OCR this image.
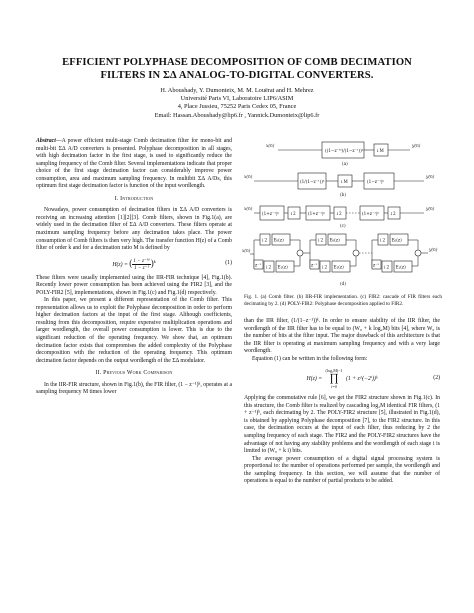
EFFICIENT POLYPHASE DECOMPOSITION OF COMB DECIMATION
FILTERS IN ΣΔ ANALOG-TO-DIGITAL CONVERTERS.
H. Aboushady, Y. Dumonteix, M. M. Louërat and H. Mehrez
Université Paris VI, Laboratoire LIP6/ASIM
4, Place Jussieu, 75252 Paris Cedex 05, France
Email: Hassan.Aboushady@lip6.fr , Yannick.Dumonteix@lip6.fr

Abstract—A power efficient multi-stage Comb decimation filter for mono-bit and multi-bit ΣΔ A/D converters is presented. Polyphase decomposition in all stages, with high decimation factor in the first stage, is used to significantly reduce the sampling frequency of the Comb filter. Several implementations indicate that proper choice of the first stage decimation factor can considerably improve power consumption, area and maximum sampling frequency. In multibit ΣΔ A/Ds, this optimum first stage decimation factor is function of the input wordlength.

I. Introduction

Nowadays, power consumption of decimation filters in ΣΔ A/D converters is receiving an increasing attention [1][2][3]. Comb filters, shown in Fig.1(a), are widely used in the decimation filter of ΣΔ A/D converters. These filters operate at maximum sampling frequency before any decimation takes place. The power consumption of Comb filters is then very high. The transfer function H(z) of a Comb filter of order k and for a decimation ratio M is defined by

H(z) = ( $\frac{\text{1 − z⁻ᴹ}}{\text{1 − z⁻¹}} )^k$	(1)

These filters were usually implemented using the IIR-FIR technique [4], Fig.1(b). Recently lower power consumption has been achieved using the FIR2 [3], and the POLY-FIR2 [5], implementations, shown in Fig.1(c) and Fig.1(d) respectively.

In this paper, we present a different representation of the Comb filter. This representation allows us to exploit the Polyphase decomposition in order to perform higher decimation factors at the input of the first stage. Although coefficients, resulting from this decomposition, require expensive multiplication operations and larger wordlength, the overall power consumption is lower. This is due to the significant reduction of the operating frequency. We show that, an optimum decimation factor exists that compromises the added complexity of the Polyphase decomposition with the reduction of the operating frequency. This optimum decimation factor depends on the output wordlength of the ΣΔ modulator.

II. Previous Work Comparison

In the IIR-FIR structure, shown in Fig.1(b), the FIR filter, (1 − z⁻¹)ᵏ, operates at a sampling frequency M times lower

x(n)
((1−z⁻ᴹ)/(1−z⁻¹))ᵏ	↓M
y(n)
(a)
x(n)
(1/(1−z⁻¹))ᵏ	↓M	(1−z⁻¹)ᵏ
y(n)
(b)
x(n)
(1+z⁻¹)ᵏ ↓2	(1+z⁻¹)ᵏ ↓2	(1+z⁻¹)ᵏ ↓2
y(n)
(c)
x(n)
↓2 E₀(z)
z⁻¹ ↓2 E₁(z)
↓2 E₀(z)
z⁻¹ ↓2 E₁(z)
↓2 E₀(z)
z⁻¹ ↓2 E₁(z)
y(n)
(d)
Fig. 1. (a) Comb filter. (b) IIR-FIR implementation. (c) FIR2: cascade of FIR filters each decimating by 2. (d) POLY-FIR2: Polyphase decomposition applied to FIR2.

than the IIR filter, (1/(1−z⁻¹))ᵏ. In order to ensure stability of the IIR filter, the wordlength of the IIR filter has to be equal to (W₀ + k log₂M) bits [4], where W₀ is the number of bits at the filter input. The major drawback of this architecture is that the IIR filter is operating at maximum sampling frequency and with a very large wordlength.

Equation (1) can be written in the following form:

H(z) =
(log₂M)−1
∏
i=0
(1 + z^(−2ⁱ))ᵏ	(2)

Applying the commutative rule [6], we get the FIR2 structure shown in Fig.1(c). In this structure, the Comb filter is realized by cascading log₂M identical FIR filters, (1 + z⁻¹)ᵏ, each decimating by 2. The POLY-FIR2 structure [5], illustrated in Fig.1(d), is obtained by applying Polyphase decomposition [7], to the FIR2 structure. In this case, the decimation occurs at the input of each filter, thus reducing by 2 the sampling frequency of each stage. The FIR2 and the POLY-FIR2 structures have the advantage of not having any stability problems and the wordlength of each stage i is limited to (W₀ + k i) bits.

The average power consumption of a digital signal processing system is proportional to: the number of operations performed per sample, the wordlength and the sampling frequency. In this section, we will assume that the number of operations is equal to the number of partial products to be added.
